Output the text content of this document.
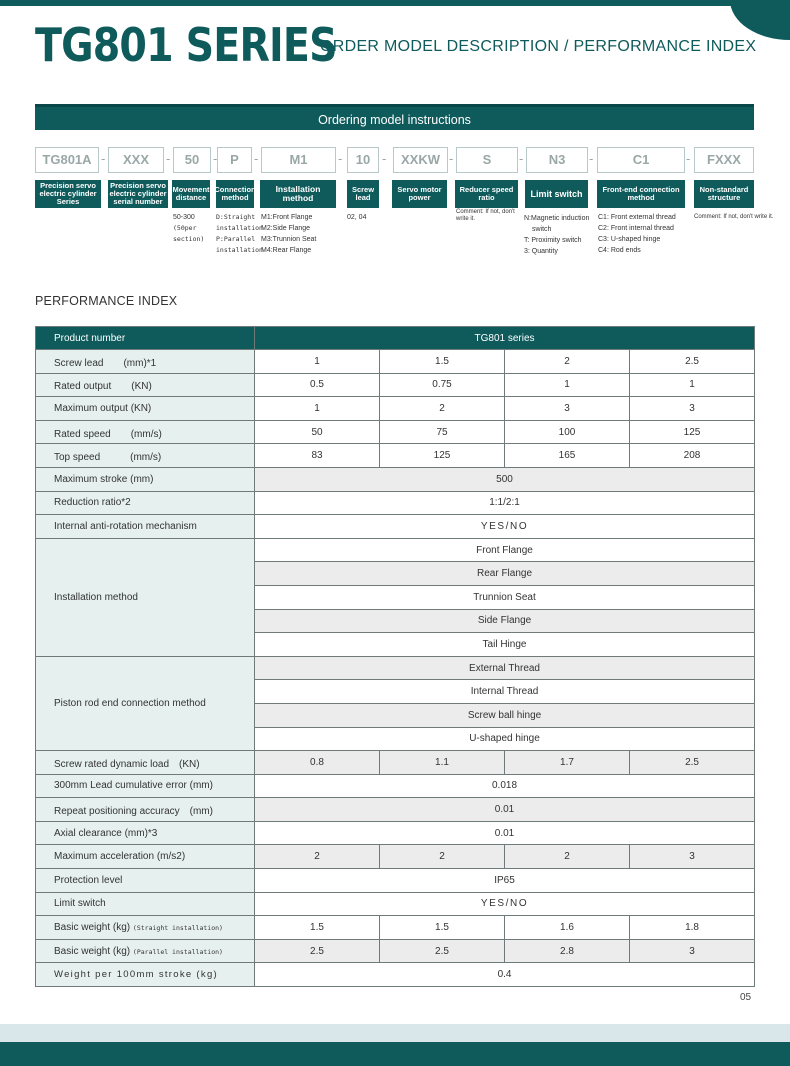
TG801 SERIES
ORDER MODEL DESCRIPTION / PERFORMANCE INDEX
Ordering model instructions
TG801A -	XXX	-	50	- P	-	M1	-	10 -	XXKW -	S	-	N3	-	C1	-	FXXX
Precision servo
electric cylinder
Series
Precision servo
electric cylinder
serial number
Movement
distance
Connection
method
Installation
method
Screw
lead
Servo motor
power
Reducer speed
ratio	Limit switch	Front-end connection
method
Non-standard
structure
50-300
(50per
section)
D:Straight
installation
P:Parallel
installation
M1:Front Flange
M2:Side Flange
M3:Trunnion Seat
M4:Rear Flange
02, 04
Comment: If not, don't
write it.	N:Magnetic induction
switch
T: Proximity switch
3: Quantity
C1: Front external thread
C2: Front internal thread
C3: U-shaped hinge
C4: Rod ends
Comment: If not, don't write it.
PERFORMANCE INDEX
Product number	TG801 series			
Screw lead　　(mm)*1	1	1.5	2	2.5
Rated output　　(KN)	0.5	0.75	1	1
Maximum output (KN)	1	2	3	3
Rated speed　　(mm/s)	50	75	100	125
Top speed　　　(mm/s)	83	125	165	208
Maximum stroke (mm)	500			
Reduction ratio*2	1:1/2:1			
Internal anti-rotation mechanism	YES/NO			
Installation method	Front Flange			
	Rear Flange			
	Trunnion Seat			
	Side Flange			
	Tail Hinge			
Piston rod end connection method	External Thread			
	Internal Thread			
	Screw ball hinge			
	U-shaped hinge			
Screw rated dynamic load　(KN)	0.8	1.1	1.7	2.5
300mm Lead cumulative error (mm)	0.018			
Repeat positioning accuracy　(mm)	0.01			
Axial clearance (mm)*3	0.01			
Maximum acceleration (m/s2)	2	2	2	3
Protection level	IP65			
Limit switch	YES/NO			
Basic weight (kg) (Straight installation)	1.5	1.5	1.6	1.8
Basic weight (kg) (Parallel installation)	2.5	2.5	2.8	3
Weight per 100mm stroke (kg)	0.4			
05
